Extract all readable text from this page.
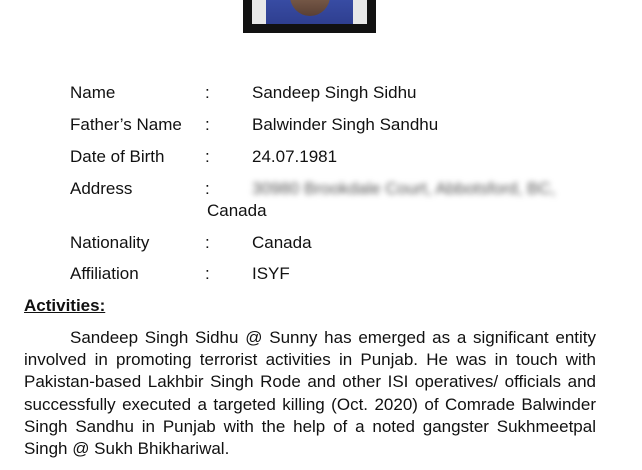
Name	: Sandeep Singh Sidhu
Father’s Name : Balwinder Singh Sandhu
Date of Birth : 24.07.1981
Address	: 30980 Brookdale Court, Abbotsford, BC,
Canada
Nationality	: Canada
Affiliation	: ISYF
Activities:
Sandeep Singh Sidhu @ Sunny has emerged as a significant entity involved in promoting terrorist activities in Punjab. He was in touch with Pakistan-based Lakhbir Singh Rode and other ISI operatives/ officials and successfully executed a targeted killing (Oct. 2020) of Comrade Balwinder Singh Sandhu in Punjab with the help of a noted gangster Sukhmeetpal Singh @ Sukh Bhikhariwal.
